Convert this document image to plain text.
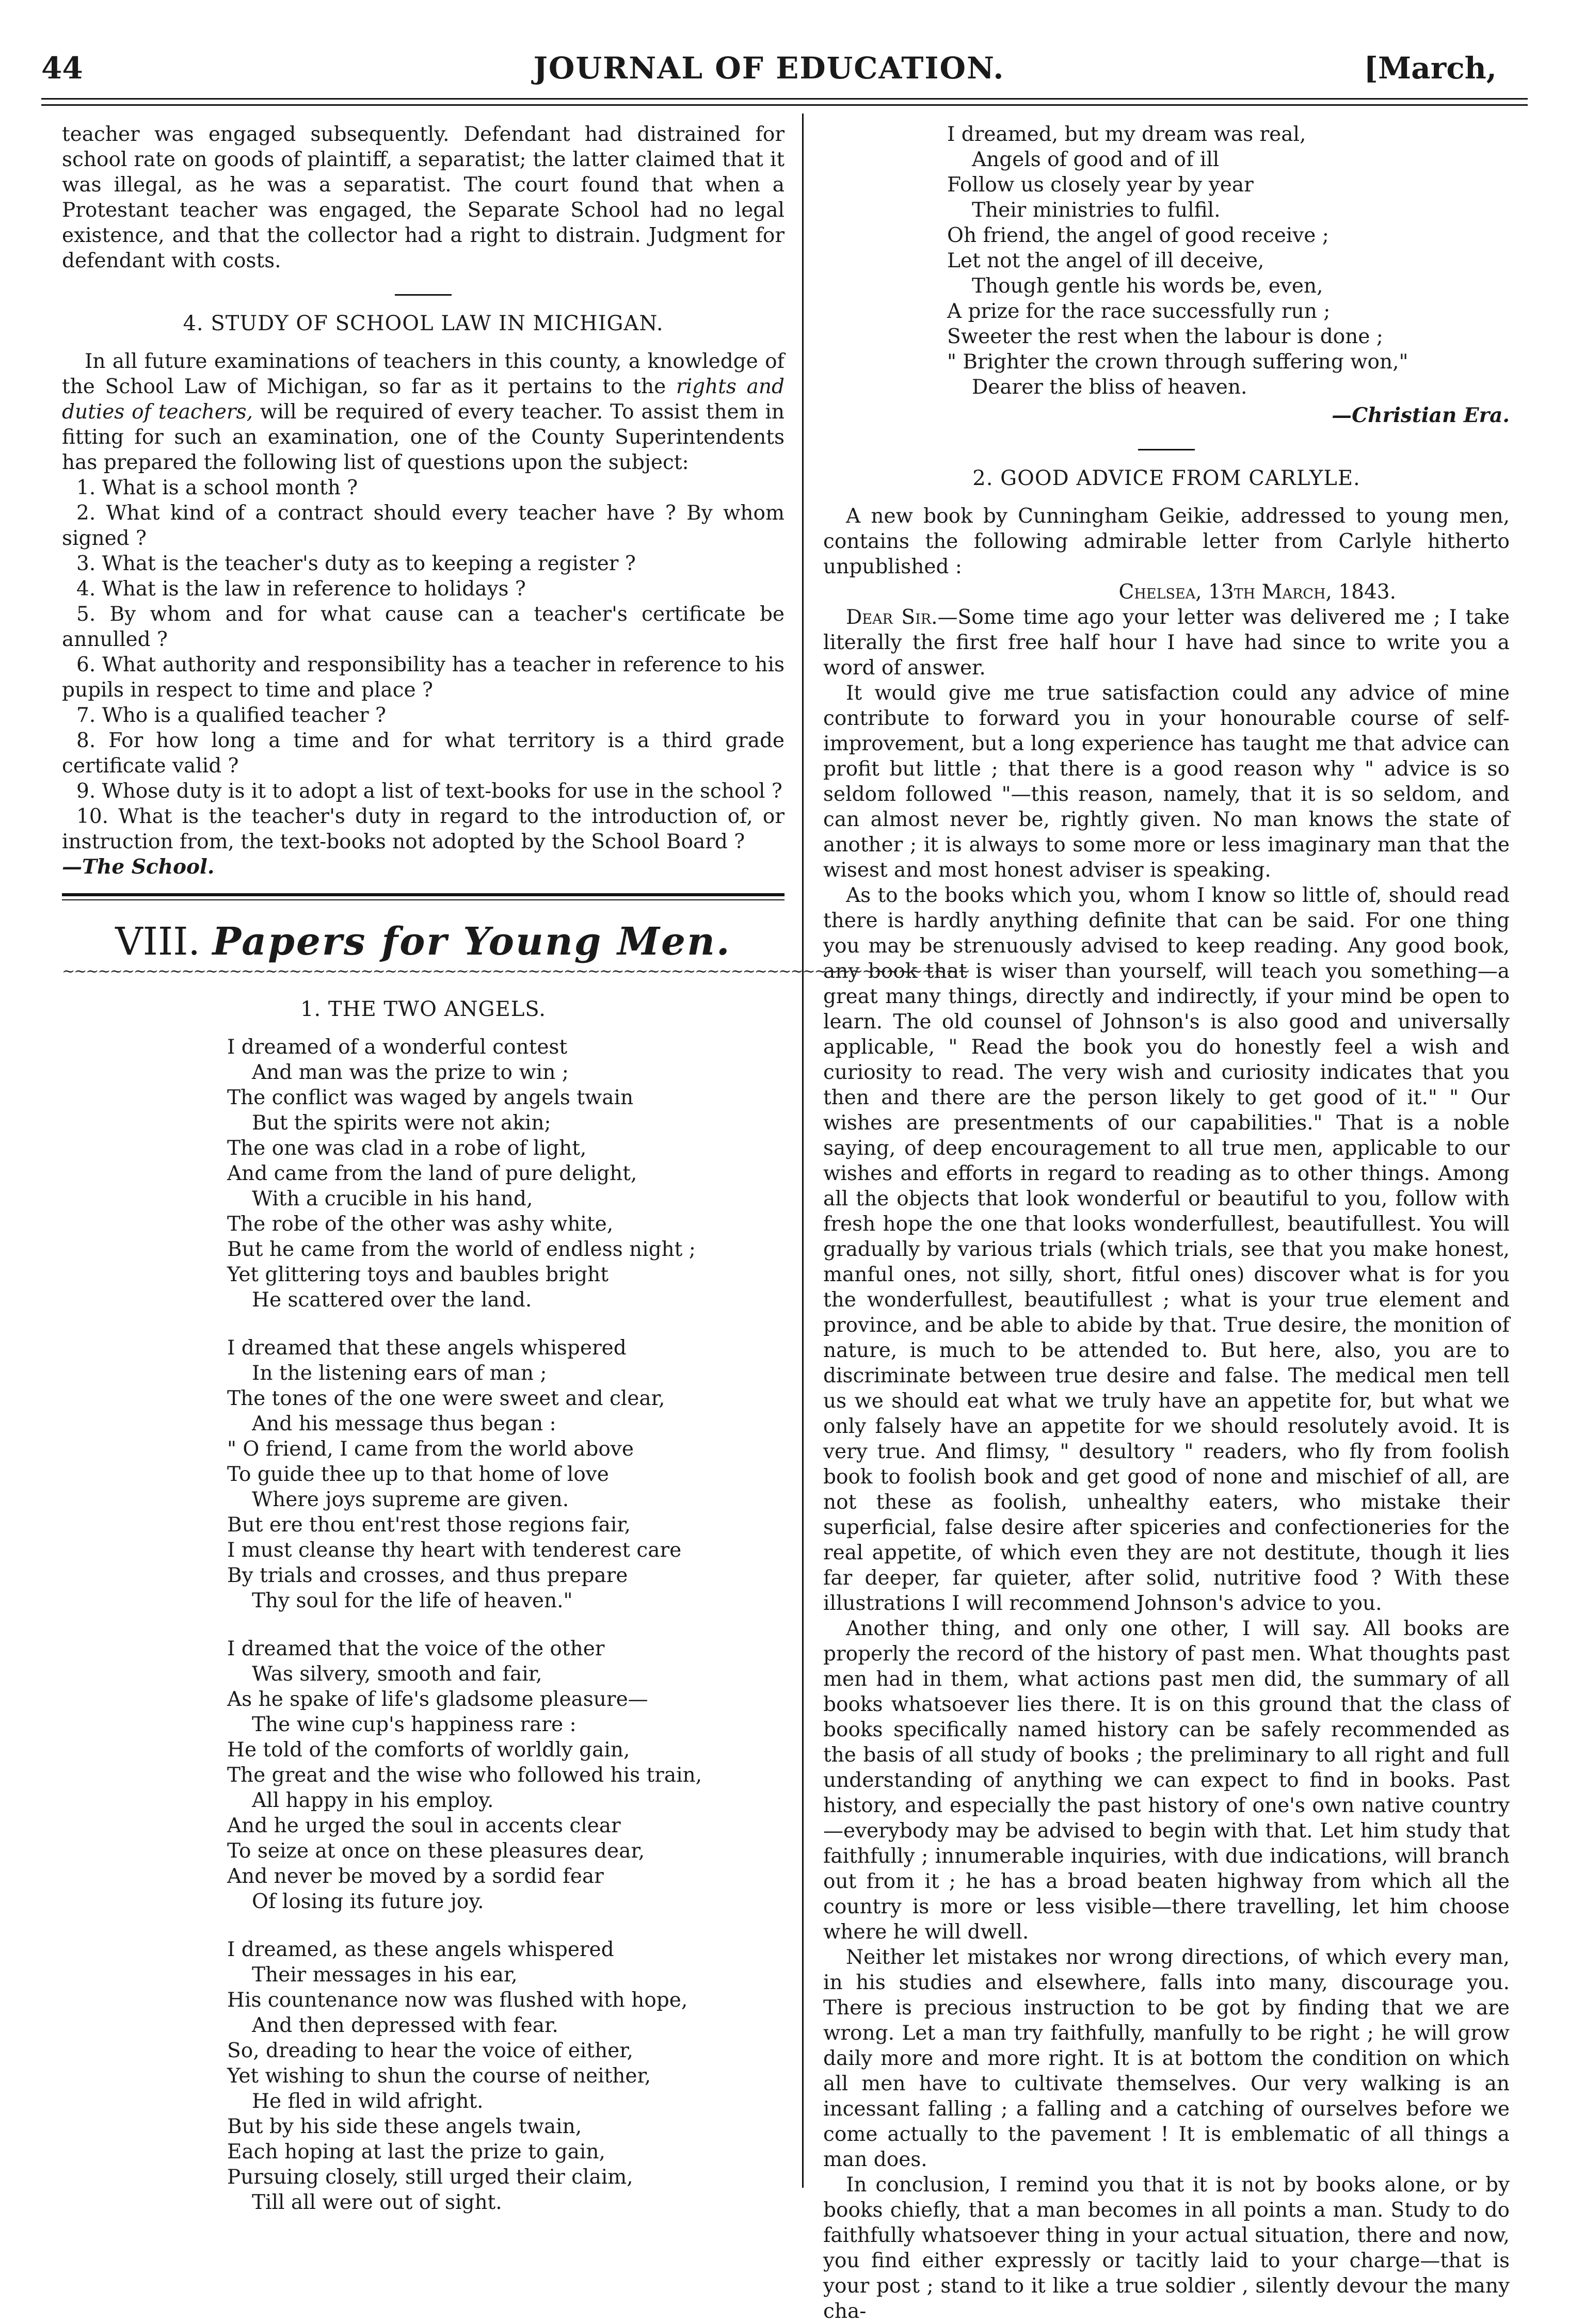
44	JOURNAL OF EDUCATION.	[March,

teacher was engaged subsequently. Defendant had distrained for school rate on goods of plaintiff, a separatist; the latter claimed that it was illegal, as he was a separatist. The court found that when a Protestant teacher was engaged, the Separate School had no legal existence, and that the collector had a right to distrain. Judgment for defendant with costs.

4. STUDY OF SCHOOL LAW IN MICHIGAN.

In all future examinations of teachers in this county, a knowledge of the School Law of Michigan, so far as it pertains to the rights and duties of teachers, will be required of every teacher. To assist them in fitting for such an examination, one of the County Superintendents has prepared the following list of questions upon the subject:

1. What is a school month ?

2. What kind of a contract should every teacher have ? By whom signed ?

3. What is the teacher's duty as to keeping a register ?

4. What is the law in reference to holidays ?

5. By whom and for what cause can a teacher's certificate be annulled ?

6. What authority and responsibility has a teacher in reference to his pupils in respect to time and place ?

7. Who is a qualified teacher ?

8. For how long a time and for what territory is a third grade certificate valid ?

9. Whose duty is it to adopt a list of text-books for use in the school ?

10. What is the teacher's duty in regard to the introduction of, or instruction from, the text-books not adopted by the School Board ?

—The School.

VIII. Papers for Young Men.
~~~~~~~~~~~~~~~~~~~~~~~~~~~~~~~~~~~~~~~~~~~~~~~~~~~~~~~~~~~~~~~~~~~~~~~~~~~~
1. THE TWO ANGELS.
I dreamed of a wonderful contest
And man was the prize to win ;
The conflict was waged by angels twain
But the spirits were not akin;
The one was clad in a robe of light,
And came from the land of pure delight,
With a crucible in his hand,
The robe of the other was ashy white,
But he came from the world of endless night ;
Yet glittering toys and baubles bright
He scattered over the land.
I dreamed that these angels whispered
In the listening ears of man ;
The tones of the one were sweet and clear,
And his message thus began :
" O friend, I came from the world above
To guide thee up to that home of love
Where joys supreme are given.
But ere thou ent'rest those regions fair,
I must cleanse thy heart with tenderest care
By trials and crosses, and thus prepare
Thy soul for the life of heaven."
I dreamed that the voice of the other
Was silvery, smooth and fair,
As he spake of life's gladsome pleasure—
The wine cup's happiness rare :
He told of the comforts of worldly gain,
The great and the wise who followed his train,
All happy in his employ.
And he urged the soul in accents clear
To seize at once on these pleasures dear,
And never be moved by a sordid fear
Of losing its future joy.
I dreamed, as these angels whispered
Their messages in his ear,
His countenance now was flushed with hope,
And then depressed with fear.
So, dreading to hear the voice of either,
Yet wishing to shun the course of neither,
He fled in wild afright.
But by his side these angels twain,
Each hoping at last the prize to gain,
Pursuing closely, still urged their claim,
Till all were out of sight.
I dreamed, but my dream was real,
Angels of good and of ill
Follow us closely year by year
Their ministries to fulfil.
Oh friend, the angel of good receive ;
Let not the angel of ill deceive,
Though gentle his words be, even,
A prize for the race successfully run ;
Sweeter the rest when the labour is done ;
" Brighter the crown through suffering won,"
Dearer the bliss of heaven.
—Christian Era.
2. GOOD ADVICE FROM CARLYLE.

A new book by Cunningham Geikie, addressed to young men, contains the following admirable letter from Carlyle hitherto unpublished :

Chelsea, 13th March, 1843.

Dear Sir.—Some time ago your letter was delivered me ; I take literally the first free half hour I have had since to write you a word of answer.

It would give me true satisfaction could any advice of mine contribute to forward you in your honourable course of self-improvement, but a long experience has taught me that advice can profit but little ; that there is a good reason why " advice is so seldom followed "—this reason, namely, that it is so seldom, and can almost never be, rightly given. No man knows the state of another ; it is always to some more or less imaginary man that the wisest and most honest adviser is speaking.

As to the books which you, whom I know so little of, should read there is hardly anything definite that can be said. For one thing you may be strenuously advised to keep reading. Any good book, any book that is wiser than yourself, will teach you something—a great many things, directly and indirectly, if your mind be open to learn. The old counsel of Johnson's is also good and universally applicable, " Read the book you do honestly feel a wish and curiosity to read. The very wish and curiosity indicates that you then and there are the person likely to get good of it." " Our wishes are presentments of our capabilities." That is a noble saying, of deep encouragement to all true men, applicable to our wishes and efforts in regard to reading as to other things. Among all the objects that look wonderful or beautiful to you, follow with fresh hope the one that looks wonderfullest, beautifullest. You will gradually by various trials (which trials, see that you make honest, manful ones, not silly, short, fitful ones) discover what is for you the wonderfullest, beautifullest ; what is your true element and province, and be able to abide by that. True desire, the monition of nature, is much to be attended to. But here, also, you are to discriminate between true desire and false. The medical men tell us we should eat what we truly have an appetite for, but what we only falsely have an appetite for we should resolutely avoid. It is very true. And flimsy, " desultory " readers, who fly from foolish book to foolish book and get good of none and mischief of all, are not these as foolish, unhealthy eaters, who mistake their superficial, false desire after spiceries and confectioneries for the real appetite, of which even they are not destitute, though it lies far deeper, far quieter, after solid, nutritive food ? With these illustrations I will recommend Johnson's advice to you.

Another thing, and only one other, I will say. All books are properly the record of the history of past men. What thoughts past men had in them, what actions past men did, the summary of all books whatsoever lies there. It is on this ground that the class of books specifically named history can be safely recommended as the basis of all study of books ; the preliminary to all right and full understanding of anything we can expect to find in books. Past history, and especially the past history of one's own native country—everybody may be advised to begin with that. Let him study that faithfully ; innumerable inquiries, with due indications, will branch out from it ; he has a broad beaten highway from which all the country is more or less visible—there travelling, let him choose where he will dwell.

Neither let mistakes nor wrong directions, of which every man, in his studies and elsewhere, falls into many, discourage you. There is precious instruction to be got by finding that we are wrong. Let a man try faithfully, manfully to be right ; he will grow daily more and more right. It is at bottom the condition on which all men have to cultivate themselves. Our very walking is an incessant falling ; a falling and a catching of ourselves before we come actually to the pavement ! It is emblematic of all things a man does.

In conclusion, I remind you that it is not by books alone, or by books chiefly, that a man becomes in all points a man. Study to do faithfully whatsoever thing in your actual situation, there and now, you find either expressly or tacitly laid to your charge—that is your post ; stand to it like a true soldier , silently devour the many cha-
